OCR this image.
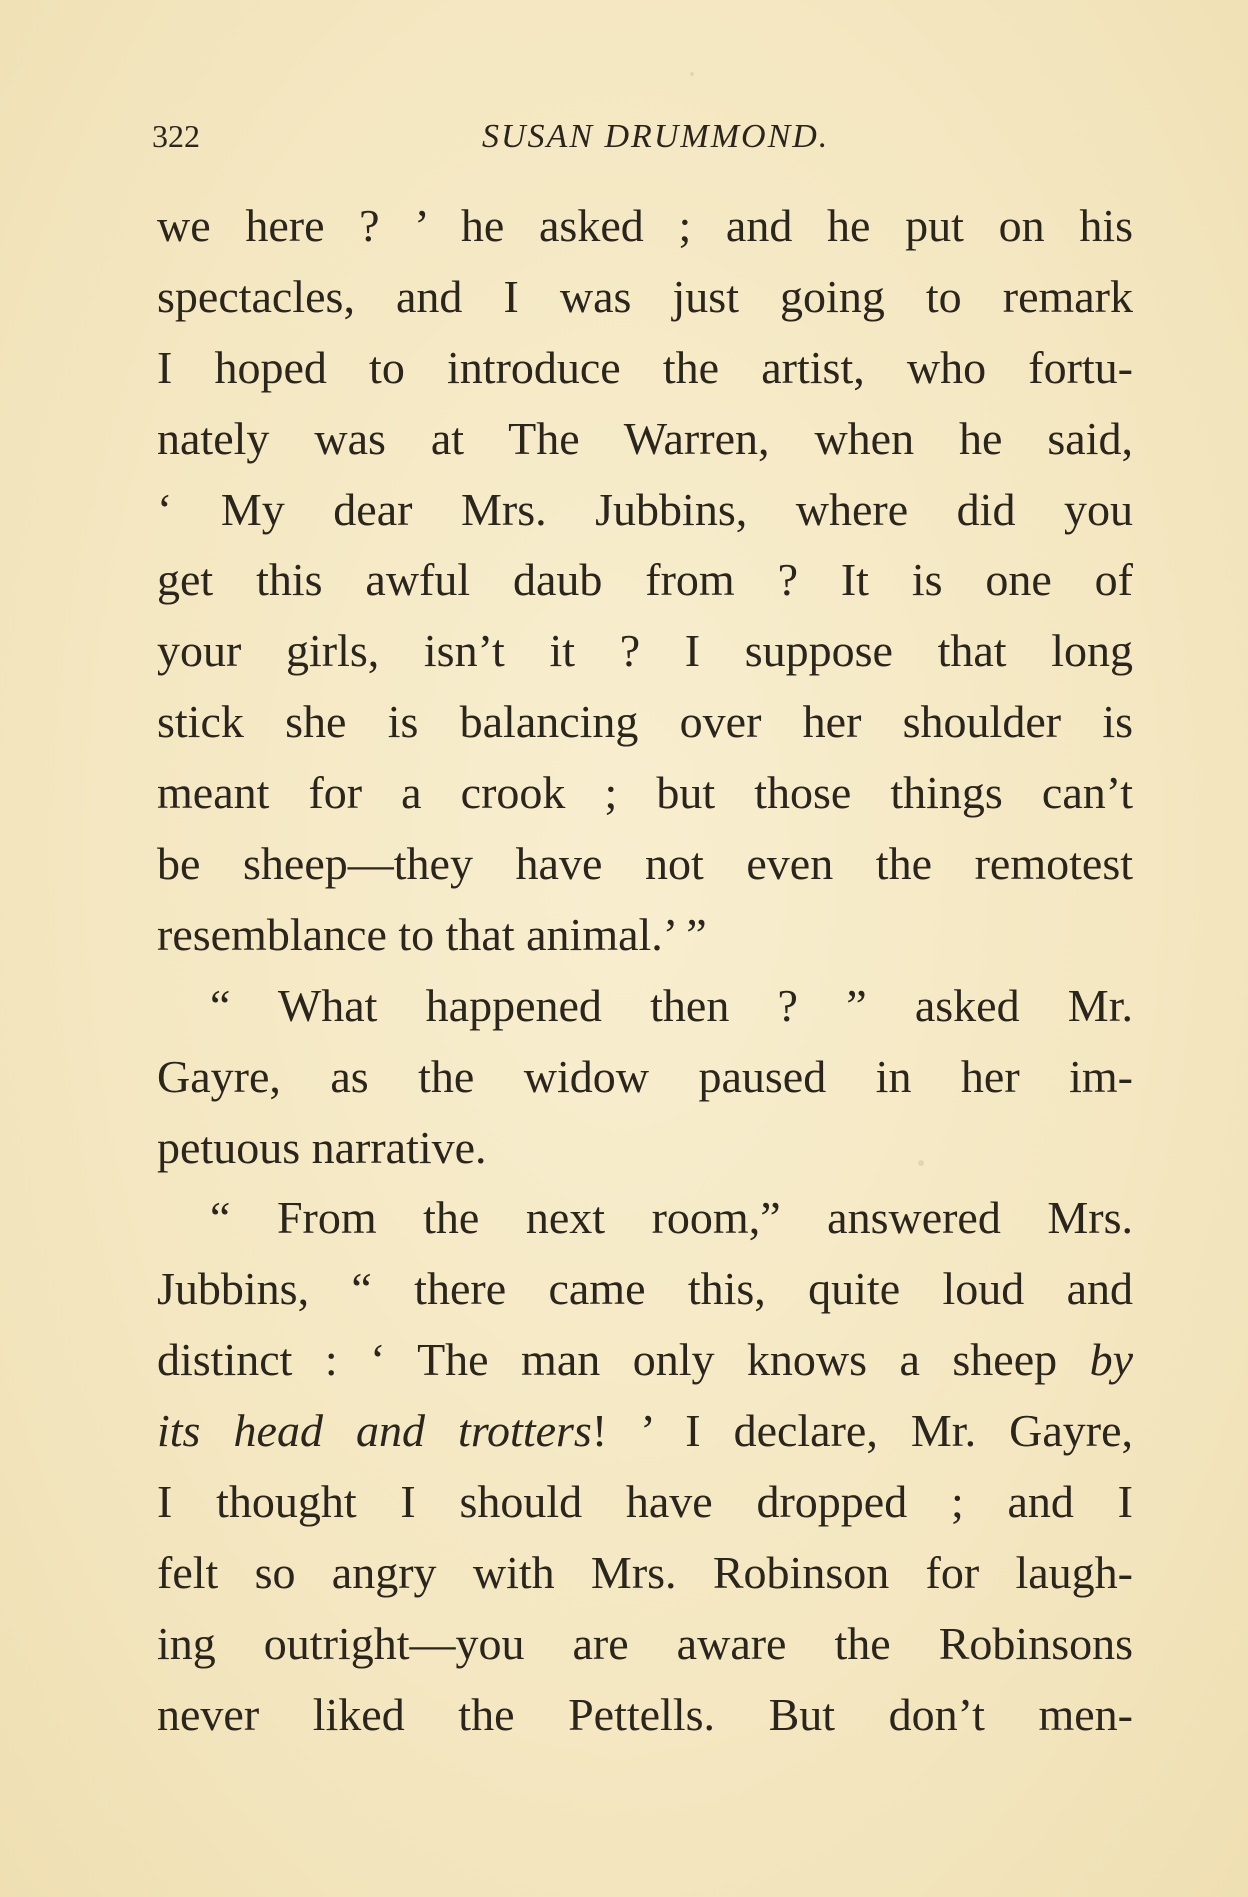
322	SUSAN DRUMMOND.
we here ? ’ he asked ; and he put on his
spectacles, and I was just going to remark
I hoped to introduce the artist, who fortu-
nately was at The Warren, when he said,
‘ My dear Mrs. Jubbins, where did you
get this awful daub from ? It is one of
your girls, isn’t it ? I suppose that long
stick she is balancing over her shoulder is
meant for a crook ; but those things can’t
be sheep—they have not even the remotest
resemblance to that animal.’ ”
“ What happened then ? ” asked Mr.
Gayre, as the widow paused in her im-
petuous narrative.
“ From the next room,” answered Mrs.
Jubbins, “ there came this, quite loud and
distinct : ‘ The man only knows a sheep by
its head and trotters! ’ I declare, Mr. Gayre,
I thought I should have dropped ; and I
felt so angry with Mrs. Robinson for laugh-
ing outright—you are aware the Robinsons
never liked the Pettells. But don’t men-
